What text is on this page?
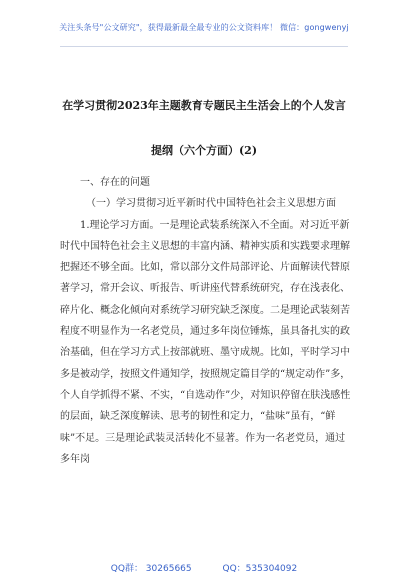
关注头条号"公文研究"，获得最新最全最专业的公文资料库！ 微信：gongwenyj
在学习贯彻2023年主题教育专题民主生活会上的个人发言
提纲（六个方面）(2)

一、存在的问题

（一）学习贯彻习近平新时代中国特色社会主义思想方面

1.理论学习方面。一是理论武装系统深入不全面。对习近平新时代中国特色社会主义思想的丰富内涵、精神实质和实践要求理解把握还不够全面。比如，常以部分文件局部评论、片面解读代替原著学习，常开会议、听报告、听讲座代替系统研究，存在浅表化、碎片化、概念化倾向对系统学习研究缺乏深度。二是理论武装刻苦程度不明显作为一名老党员，通过多年岗位锤炼，虽具备扎实的政治基础，但在学习方式上按部就班、墨守成规。比如，平时学习中多是被动学，按照文件通知学，按照规定篇目学的“规定动作”多，个人自学抓得不紧、不实，“自选动作”少，对知识停留在肤浅感性的层面，缺乏深度解读、思考的韧性和定力，“盐味”虽有，“鲜味”不足。三是理论武装灵活转化不显著。作为一名老党员，通过多年岗

QQ群： 30265665	QQ：535304092
